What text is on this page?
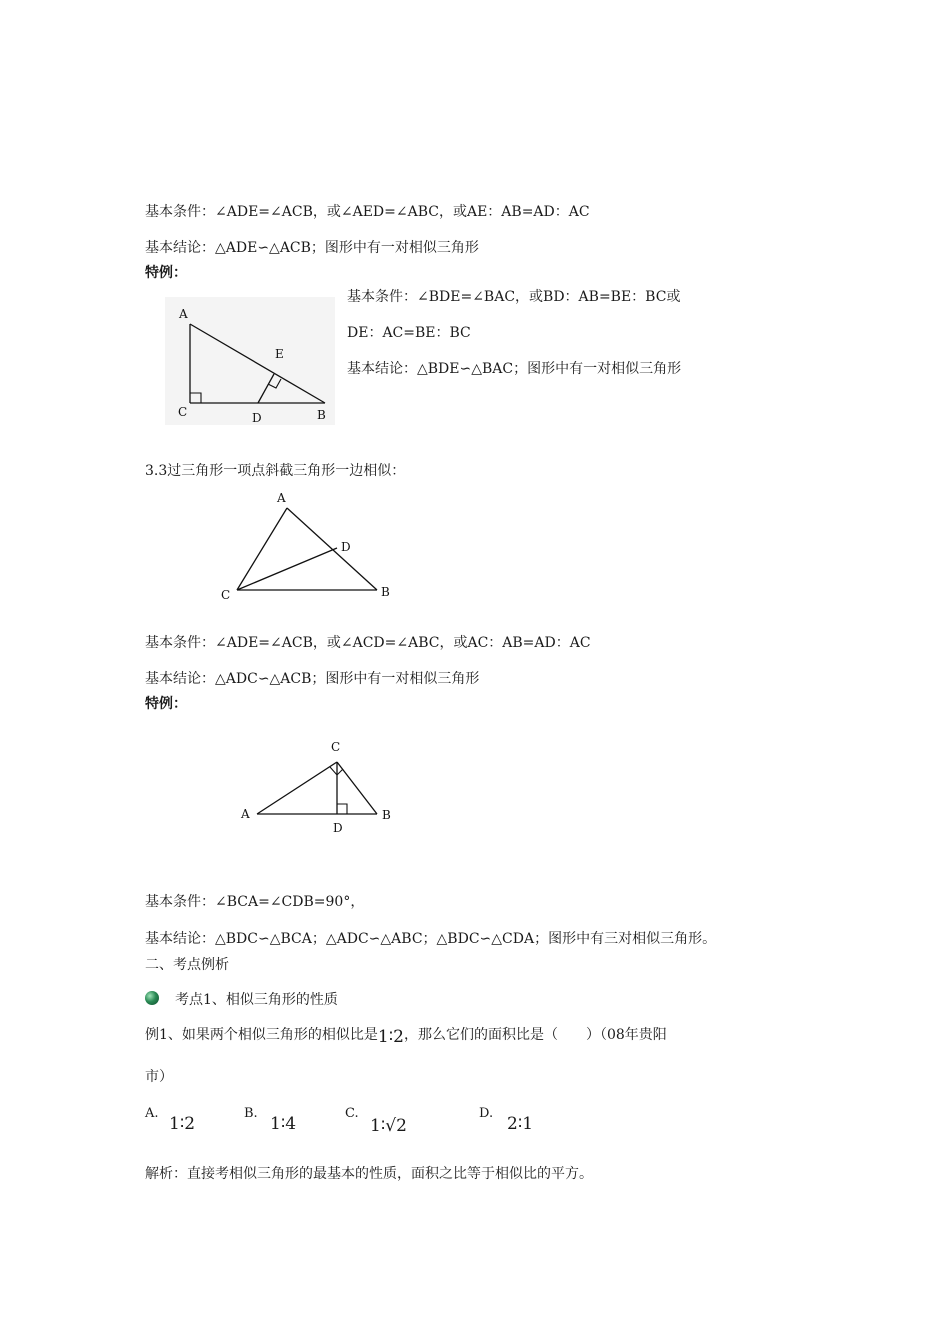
基本条件：∠ADE=∠ACB，或∠AED=∠ABC，或AE：AB=AD：AC
基本结论：△ADE∽△ACB；图形中有一对相似三角形
特例：
A
C	D	B
E
基本条件：∠BDE=∠BAC，或BD：AB=BE：BC或
DE：AC=BE：BC
基本结论：△BDE∽△BAC；图形中有一对相似三角形
3.3过三角形一项点斜截三角形一边相似：
A
D
C	B
基本条件：∠ADE=∠ACB，或∠ACD=∠ABC，或AC：AB=AD：AC
基本结论：△ADC∽△ACB；图形中有一对相似三角形
特例：
C
A
D
B
基本条件：∠BCA=∠CDB=90°，
基本结论：△BDC∽△BCA；△ADC∽△ABC；△BDC∽△CDA；图形中有三对相似三角形。
二、考点例析
考点1、相似三角形的性质
例1、如果两个相似三角形的相似比是1∶2，那么它们的面积比是（　　）（08年贵阳
市）
A.
1∶2
B.
1∶4
C.
1∶√2
D.
2∶1
解析：直接考相似三角形的最基本的性质，面积之比等于相似比的平方。
